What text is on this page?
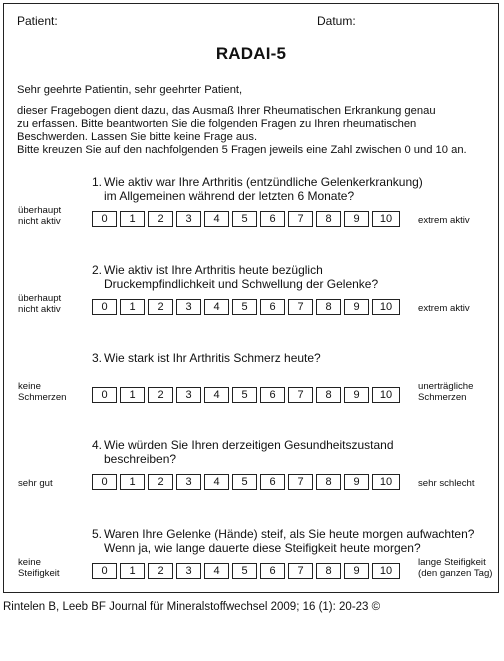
Patient:	Datum:
RADAI-5
Sehr geehrte Patientin, sehr geehrter Patient,
dieser Fragebogen dient dazu, das Ausmaß Ihrer Rheumatischen Erkrankung genau
zu erfassen. Bitte beantworten Sie die folgenden Fragen zu Ihren rheumatischen
Beschwerden. Lassen Sie bitte keine Frage aus.
Bitte kreuzen Sie auf den nachfolgenden 5 Fragen jeweils eine Zahl zwischen 0 und 10 an.
1. Wie aktiv war Ihre Arthritis (entzündliche Gelenkerkrankung)
im Allgemeinen während der letzten 6 Monate?
0	1	2	3	4	5	6	7	8	9	10
überhaupt
nicht aktiv	extrem aktiv
2. Wie aktiv ist Ihre Arthritis heute bezüglich
Druckempfindlichkeit und Schwellung der Gelenke?
0	1	2	3	4	5	6	7	8	9	10
überhaupt
nicht aktiv	extrem aktiv
3. Wie stark ist Ihr Arthritis Schmerz heute?
0	1	2	3	4	5	6	7	8	9	10
keine
Schmerzen
unerträgliche
Schmerzen
4. Wie würden Sie Ihren derzeitigen Gesundheitszustand
beschreiben?
0	1	2	3	4	5	6	7	8	9	10
sehr gut	sehr schlecht
5. Waren Ihre Gelenke (Hände) steif, als Sie heute morgen aufwachten?
Wenn ja, wie lange dauerte diese Steifigkeit heute morgen?
0	1	2	3	4	5	6	7	8	9	10
keine
Steifigkeit
lange Steifigkeit
(den ganzen Tag)
Rintelen B, Leeb BF Journal für Mineralstoffwechsel 2009; 16 (1): 20-23 ©
